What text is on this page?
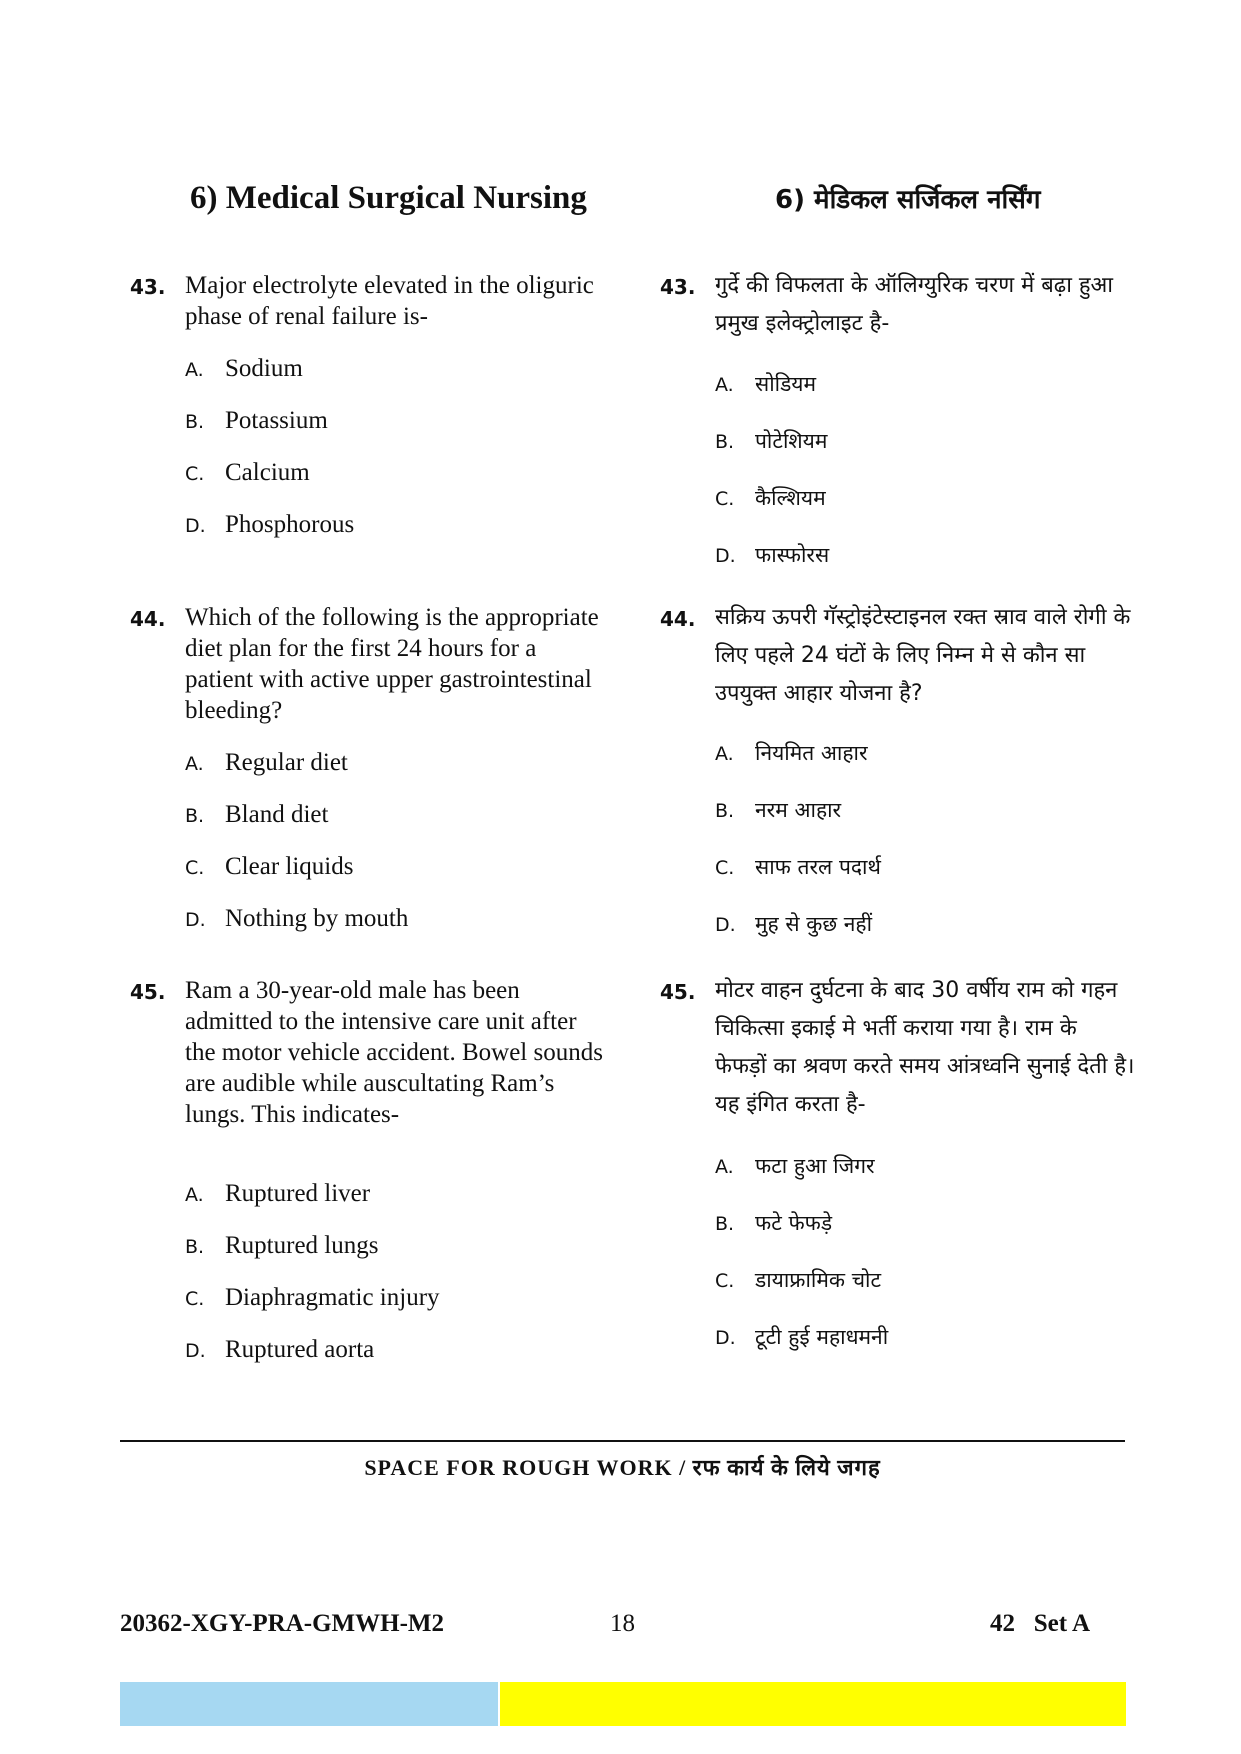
6) Medical Surgical Nursing	6) मेडिकल सर्जिकल नर्सिंग
43. Major electrolyte elevated in the oliguric phase of renal failure is-
A. Sodium
B. Potassium
C. Calcium
D. Phosphorous
44. Which of the following is the appropriate diet plan for the first 24 hours for a patient with active upper gastrointestinal bleeding?
A. Regular diet
B. Bland diet
C. Clear liquids
D. Nothing by mouth
45. Ram a 30-year-old male has been admitted to the intensive care unit after the motor vehicle accident. Bowel sounds are audible while auscultating Ram’s lungs. This indicates-
A. Ruptured liver
B. Ruptured lungs
C. Diaphragmatic injury
D. Ruptured aorta
43. गुर्दे की विफलता के ऑलिग्युरिक चरण में बढ़ा हुआ प्रमुख इलेक्ट्रोलाइट है-
A. सोडियम
B. पोटेशियम
C. कैल्शियम
D. फास्फोरस
44. सक्रिय ऊपरी गॅस्ट्रोइंटेस्टाइनल रक्त स्राव वाले रोगी के लिए पहले 24 घंटों के लिए निम्न मे से कौन सा उपयुक्त आहार योजना है?
A. नियमित आहार
B. नरम आहार
C. साफ तरल पदार्थ
D. मुह से कुछ नहीं
45. मोटर वाहन दुर्घटना के बाद 30 वर्षीय राम को गहन चिकित्सा इकाई मे भर्ती कराया गया है। राम के फेफड़ों का श्रवण करते समय आंत्रध्वनि सुनाई देती है। यह इंगित करता है-
A. फटा हुआ जिगर
B. फटे फेफड़े
C. डायाफ्रामिक चोट
D. टूटी हुई महाधमनी
SPACE FOR ROUGH WORK / रफ कार्य के लिये जगह
20362-XGY-PRA-GMWH-M2	18	42   Set A
